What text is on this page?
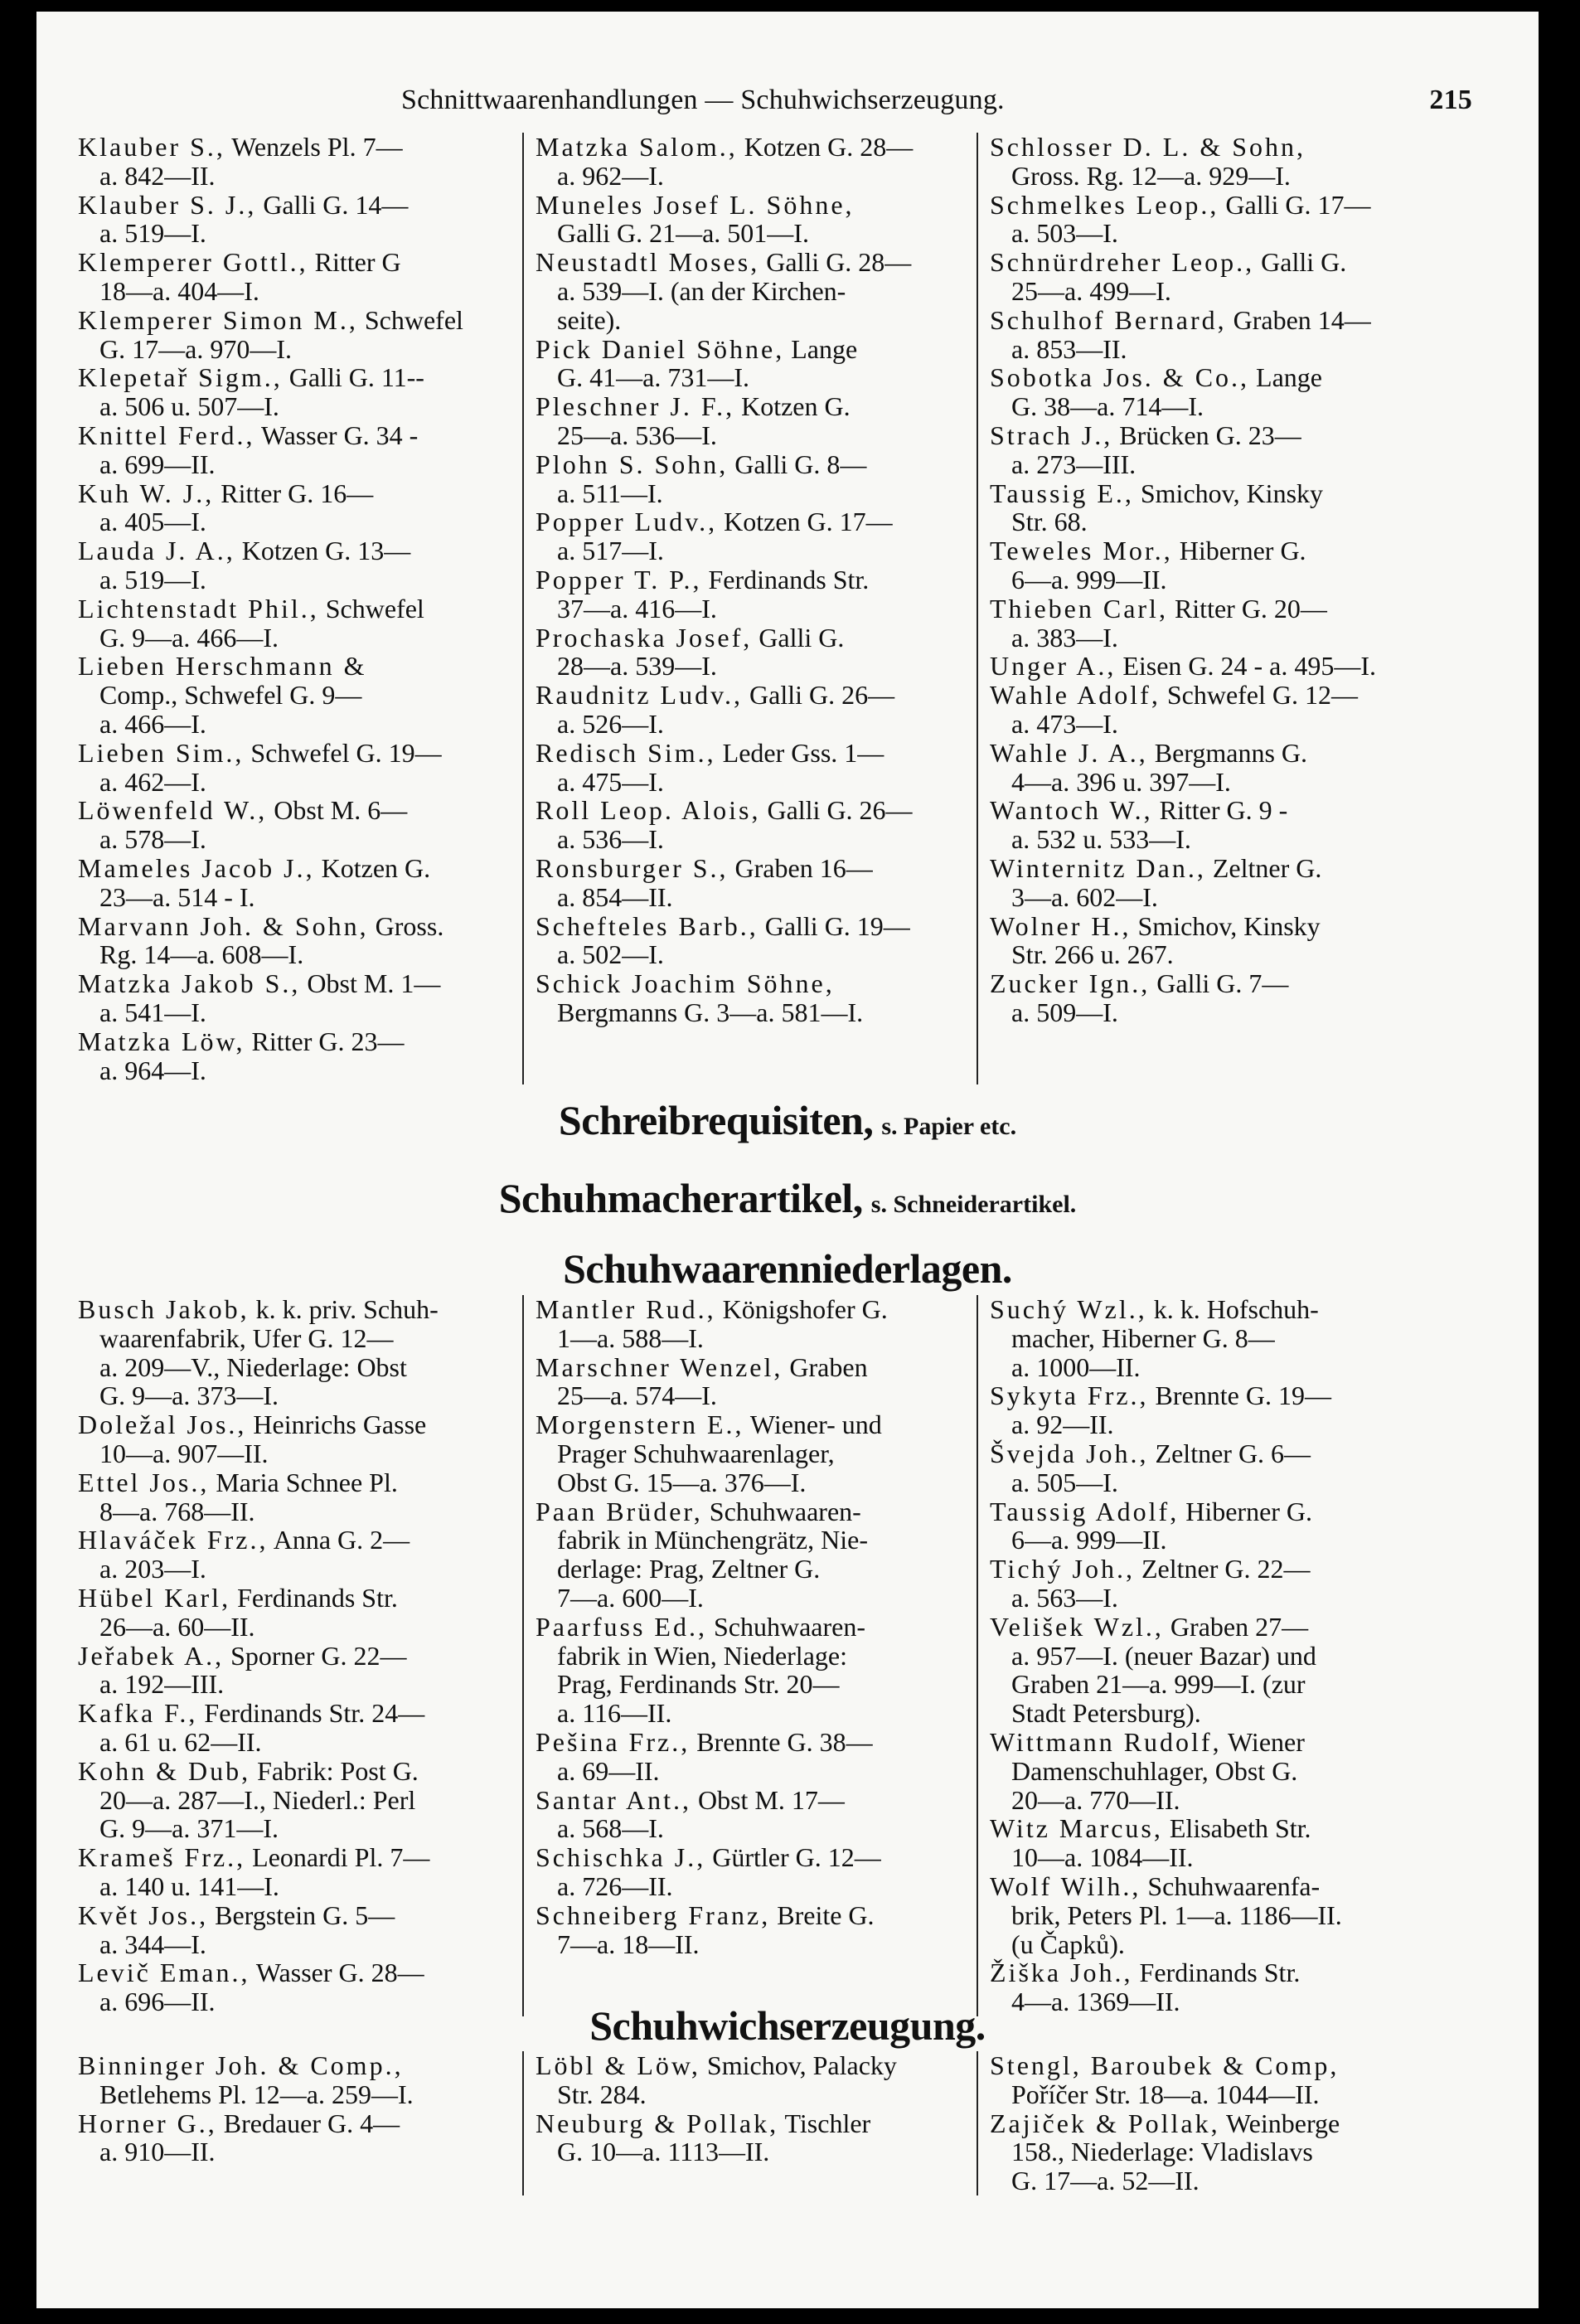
Schnittwaarenhandlungen — Schuhwichserzeugung.	215
Klauber S., Wenzels Pl. 7—
a. 842—II.
Klauber S. J., Galli G. 14—
a. 519—I.
Klemperer Gottl., Ritter G
18—a. 404—I.
Klemperer Simon M., Schwefel
G. 17—a. 970—I.
Klepetař Sigm., Galli G. 11--
a. 506 u. 507—I.
Knittel Ferd., Wasser G. 34 -
a. 699—II.
Kuh W. J., Ritter G. 16—
a. 405—I.
Lauda J. A., Kotzen G. 13—
a. 519—I.
Lichtenstadt Phil., Schwefel
G. 9—a. 466—I.
Lieben Herschmann &
Comp., Schwefel G. 9—
a. 466—I.
Lieben Sim., Schwefel G. 19—
a. 462—I.
Löwenfeld W., Obst M. 6—
a. 578—I.
Mameles Jacob J., Kotzen G.
23—a. 514 - I.
Marvann Joh. & Sohn, Gross.
Rg. 14—a. 608—I.
Matzka Jakob S., Obst M. 1—
a. 541—I.
Matzka Löw, Ritter G. 23—
a. 964—I.
Matzka Salom., Kotzen G. 28—
a. 962—I.
Muneles Josef L. Söhne,
Galli G. 21—a. 501—I.
Neustadtl Moses, Galli G. 28—
a. 539—I. (an der Kirchen-
seite).
Pick Daniel Söhne, Lange
G. 41—a. 731—I.
Pleschner J. F., Kotzen G.
25—a. 536—I.
Plohn S. Sohn, Galli G. 8—
a. 511—I.
Popper Ludv., Kotzen G. 17—
a. 517—I.
Popper T. P., Ferdinands Str.
37—a. 416—I.
Prochaska Josef, Galli G.
28—a. 539—I.
Raudnitz Ludv., Galli G. 26—
a. 526—I.
Redisch Sim., Leder Gss. 1—
a. 475—I.
Roll Leop. Alois, Galli G. 26—
a. 536—I.
Ronsburger S., Graben 16—
a. 854—II.
Schefteles Barb., Galli G. 19—
a. 502—I.
Schick Joachim Söhne,
Bergmanns G. 3—a. 581—I.
Schlosser D. L. & Sohn,
Gross. Rg. 12—a. 929—I.
Schmelkes Leop., Galli G. 17—
a. 503—I.
Schnürdreher Leop., Galli G.
25—a. 499—I.
Schulhof Bernard, Graben 14—
a. 853—II.
Sobotka Jos. & Co., Lange
G. 38—a. 714—I.
Strach J., Brücken G. 23—
a. 273—III.
Taussig E., Smichov, Kinsky
Str. 68.
Teweles Mor., Hiberner G.
6—a. 999—II.
Thieben Carl, Ritter G. 20—
a. 383—I.
Unger A., Eisen G. 24 - a. 495—I.
Wahle Adolf, Schwefel G. 12—
a. 473—I.
Wahle J. A., Bergmanns G.
4—a. 396 u. 397—I.
Wantoch W., Ritter G. 9 -
a. 532 u. 533—I.
Winternitz Dan., Zeltner G.
3—a. 602—I.
Wolner H., Smichov, Kinsky
Str. 266 u. 267.
Zucker Ign., Galli G. 7—
a. 509—I.
Schreibrequisiten, s. Papier etc.
Schuhmacherartikel, s. Schneiderartikel.
Schuhwaarenniederlagen.
Busch Jakob, k. k. priv. Schuh-
waarenfabrik, Ufer G. 12—
a. 209—V., Niederlage: Obst
G. 9—a. 373—I.
Doležal Jos., Heinrichs Gasse
10—a. 907—II.
Ettel Jos., Maria Schnee Pl.
8—a. 768—II.
Hlaváček Frz., Anna G. 2—
a. 203—I.
Hübel Karl, Ferdinands Str.
26—a. 60—II.
Jeřabek A., Sporner G. 22—
a. 192—III.
Kafka F., Ferdinands Str. 24—
a. 61 u. 62—II.
Kohn & Dub, Fabrik: Post G.
20—a. 287—I., Niederl.: Perl
G. 9—a. 371—I.
Krameš Frz., Leonardi Pl. 7—
a. 140 u. 141—I.
Květ Jos., Bergstein G. 5—
a. 344—I.
Levič Eman., Wasser G. 28—
a. 696—II.
Mantler Rud., Königshofer G.
1—a. 588—I.
Marschner Wenzel, Graben
25—a. 574—I.
Morgenstern E., Wiener- und
Prager Schuhwaarenlager,
Obst G. 15—a. 376—I.
Paan Brüder, Schuhwaaren-
fabrik in Münchengrätz, Nie-
derlage: Prag, Zeltner G.
7—a. 600—I.
Paarfuss Ed., Schuhwaaren-
fabrik in Wien, Niederlage:
Prag, Ferdinands Str. 20—
a. 116—II.
Pešina Frz., Brennte G. 38—
a. 69—II.
Santar Ant., Obst M. 17—
a. 568—I.
Schischka J., Gürtler G. 12—
a. 726—II.
Schneiberg Franz, Breite G.
7—a. 18—II.
Suchý Wzl., k. k. Hofschuh-
macher, Hiberner G. 8—
a. 1000—II.
Sykyta Frz., Brennte G. 19—
a. 92—II.
Švejda Joh., Zeltner G. 6—
a. 505—I.
Taussig Adolf, Hiberner G.
6—a. 999—II.
Tichý Joh., Zeltner G. 22—
a. 563—I.
Velišek Wzl., Graben 27—
a. 957—I. (neuer Bazar) und
Graben 21—a. 999—I. (zur
Stadt Petersburg).
Wittmann Rudolf, Wiener
Damenschuhlager, Obst G.
20—a. 770—II.
Witz Marcus, Elisabeth Str.
10—a. 1084—II.
Wolf Wilh., Schuhwaarenfa-
brik, Peters Pl. 1—a. 1186—II.
(u Čapků).
Žiška Joh., Ferdinands Str.
4—a. 1369—II.
Schuhwichserzeugung.
Binninger Joh. & Comp.,
Betlehems Pl. 12—a. 259—I.
Horner G., Bredauer G. 4—
a. 910—II.
Löbl & Löw, Smichov, Palacky
Str. 284.
Neuburg & Pollak, Tischler
G. 10—a. 1113—II.
Stengl, Baroubek & Comp,
Poříčer Str. 18—a. 1044—II.
Zajiček & Pollak, Weinberge
158., Niederlage: Vladislavs
G. 17—a. 52—II.
